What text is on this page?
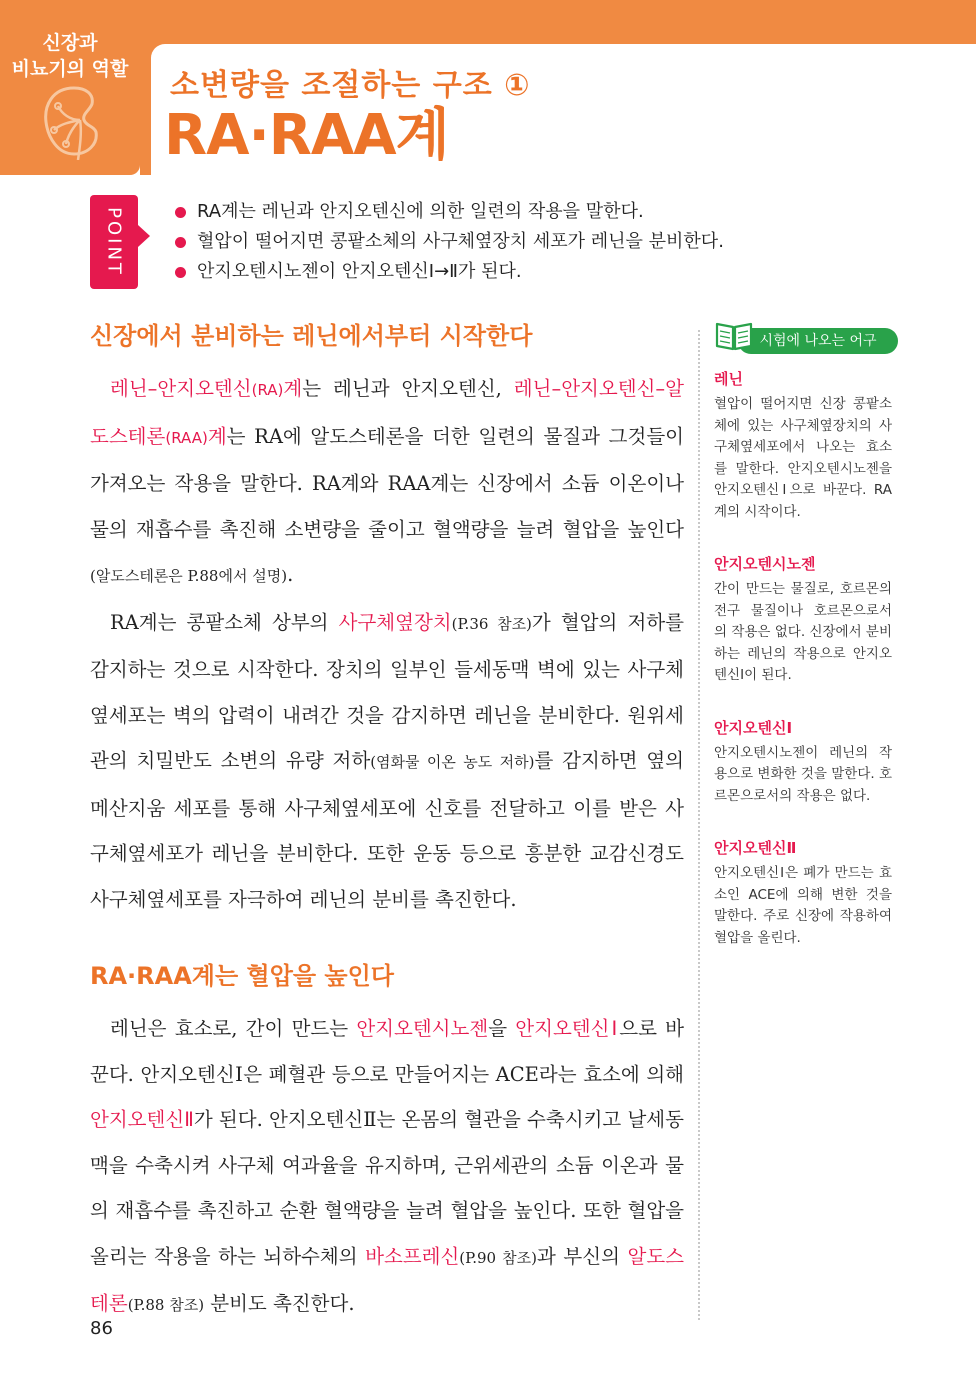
신장과
비뇨기의 역할 소변량을 조절하는 구조 ①
RA·RAA계
POINT	RA계는 레닌과 안지오텐신에 의한 일련의 작용을 말한다.
혈압이 떨어지면 콩팥소체의 사구체옆장치 세포가 레닌을 분비한다.
안지오텐시노젠이 안지오텐신Ⅰ→Ⅱ가 된다.
신장에서 분비하는 레닌에서부터 시작한다

레닌–안지오텐신(RA)계는 레닌과 안지오텐신, 레닌–안지오텐신–알도스테론(RAA)계는 RA에 알도스테론을 더한 일련의 물질과 그것들이 가져오는 작용을 말한다. RA계와 RAA계는 신장에서 소듐 이온이나 물의 재흡수를 촉진해 소변량을 줄이고 혈액량을 늘려 혈압을 높인다(알도스테론은 P.88에서 설명).

RA계는 콩팥소체 상부의 사구체옆장치(P.36 참조)가 혈압의 저하를 감지하는 것으로 시작한다. 장치의 일부인 들세동맥 벽에 있는 사구체옆세포는 벽의 압력이 내려간 것을 감지하면 레닌을 분비한다. 원위세관의 치밀반도 소변의 유량 저하(염화물 이온 농도 저하)를 감지하면 옆의 메산지움 세포를 통해 사구체옆세포에 신호를 전달하고 이를 받은 사구체옆세포가 레닌을 분비한다. 또한 운동 등으로 흥분한 교감신경도 사구체옆세포를 자극하여 레닌의 분비를 촉진한다.

RA·RAA계는 혈압을 높인다

레닌은 효소로, 간이 만드는 안지오텐시노젠을 안지오텐신Ⅰ으로 바꾼다. 안지오텐신Ⅰ은 폐혈관 등으로 만들어지는 ACE라는 효소에 의해 안지오텐신Ⅱ가 된다. 안지오텐신Ⅱ는 온몸의 혈관을 수축시키고 날세동맥을 수축시켜 사구체 여과율을 유지하며, 근위세관의 소듐 이온과 물의 재흡수를 촉진하고 순환 혈액량을 늘려 혈압을 높인다. 또한 혈압을 올리는 작용을 하는 뇌하수체의 바소프레신(P.90 참조)과 부신의 알도스테론(P.88 참조) 분비도 촉진한다.

시험에 나오는 어구
레닌

혈압이 떨어지면 신장 콩팥소체에 있는 사구체옆장치의 사구체옆세포에서 나오는 효소를 말한다. 안지오텐시노젠을 안지오텐신Ⅰ으로 바꾼다. RA계의 시작이다.

안지오텐시노젠

간이 만드는 물질로, 호르몬의 전구 물질이나 호르몬으로서의 작용은 없다. 신장에서 분비하는 레닌의 작용으로 안지오텐신Ⅰ이 된다.

안지오텐신Ⅰ

안지오텐시노젠이 레닌의 작용으로 변화한 것을 말한다. 호르몬으로서의 작용은 없다.

안지오텐신Ⅱ

안지오텐신Ⅰ은 폐가 만드는 효소인 ACE에 의해 변한 것을 말한다. 주로 신장에 작용하여 혈압을 올린다.

86
